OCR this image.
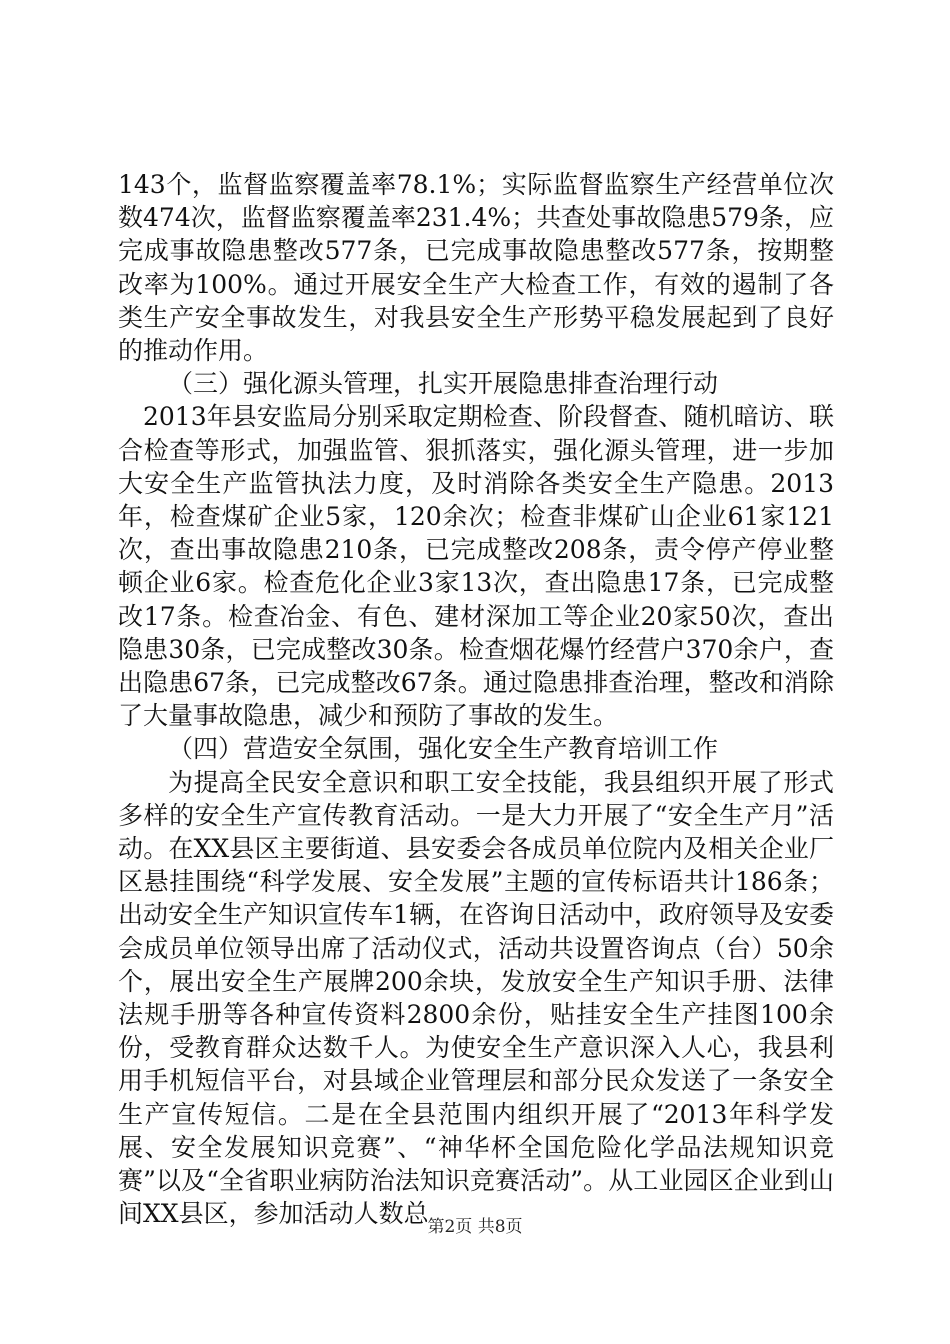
143个，监督监察覆盖率78.1%；实际监督监察生产经营单位次数474次，监督监察覆盖率231.4%；共查处事故隐患579条，应完成事故隐患整改577条，已完成事故隐患整改577条，按期整改率为100%。通过开展安全生产大检查工作，有效的遏制了各类生产安全事故发生，对我县安全生产形势平稳发展起到了良好的推动作用。

（三）强化源头管理，扎实开展隐患排查治理行动

2013年县安监局分别采取定期检查、阶段督查、随机暗访、联合检查等形式，加强监管、狠抓落实，强化源头管理，进一步加大安全生产监管执法力度，及时消除各类安全生产隐患。2013年，检查煤矿企业5家，120余次；检查非煤矿山企业61家121次，查出事故隐患210条，已完成整改208条，责令停产停业整顿企业6家。检查危化企业3家13次，查出隐患17条，已完成整改17条。检查冶金、有色、建材深加工等企业20家50次，查出隐患30条，已完成整改30条。检查烟花爆竹经营户370余户，查出隐患67条，已完成整改67条。通过隐患排查治理，整改和消除了大量事故隐患，减少和预防了事故的发生。

（四）营造安全氛围，强化安全生产教育培训工作

为提高全民安全意识和职工安全技能，我县组织开展了形式多样的安全生产宣传教育活动。一是大力开展了“安全生产月”活动。在XX县区主要街道、县安委会各成员单位院内及相关企业厂区悬挂围绕“科学发展、安全发展”主题的宣传标语共计186条；出动安全生产知识宣传车1辆，在咨询日活动中，政府领导及安委会成员单位领导出席了活动仪式，活动共设置咨询点（台）50余个，展出安全生产展牌200余块，发放安全生产知识手册、法律法规手册等各种宣传资料2800余份，贴挂安全生产挂图100余份，受教育群众达数千人。为使安全生产意识深入人心，我县利用手机短信平台，对县域企业管理层和部分民众发送了一条安全生产宣传短信。二是在全县范围内组织开展了“2013年科学发展、安全发展知识竞赛”、“神华杯全国危险化学品法规知识竞赛”以及“全省职业病防治法知识竞赛活动”。从工业园区企业到山间XX县区，参加活动人数总

第2页 共8页
